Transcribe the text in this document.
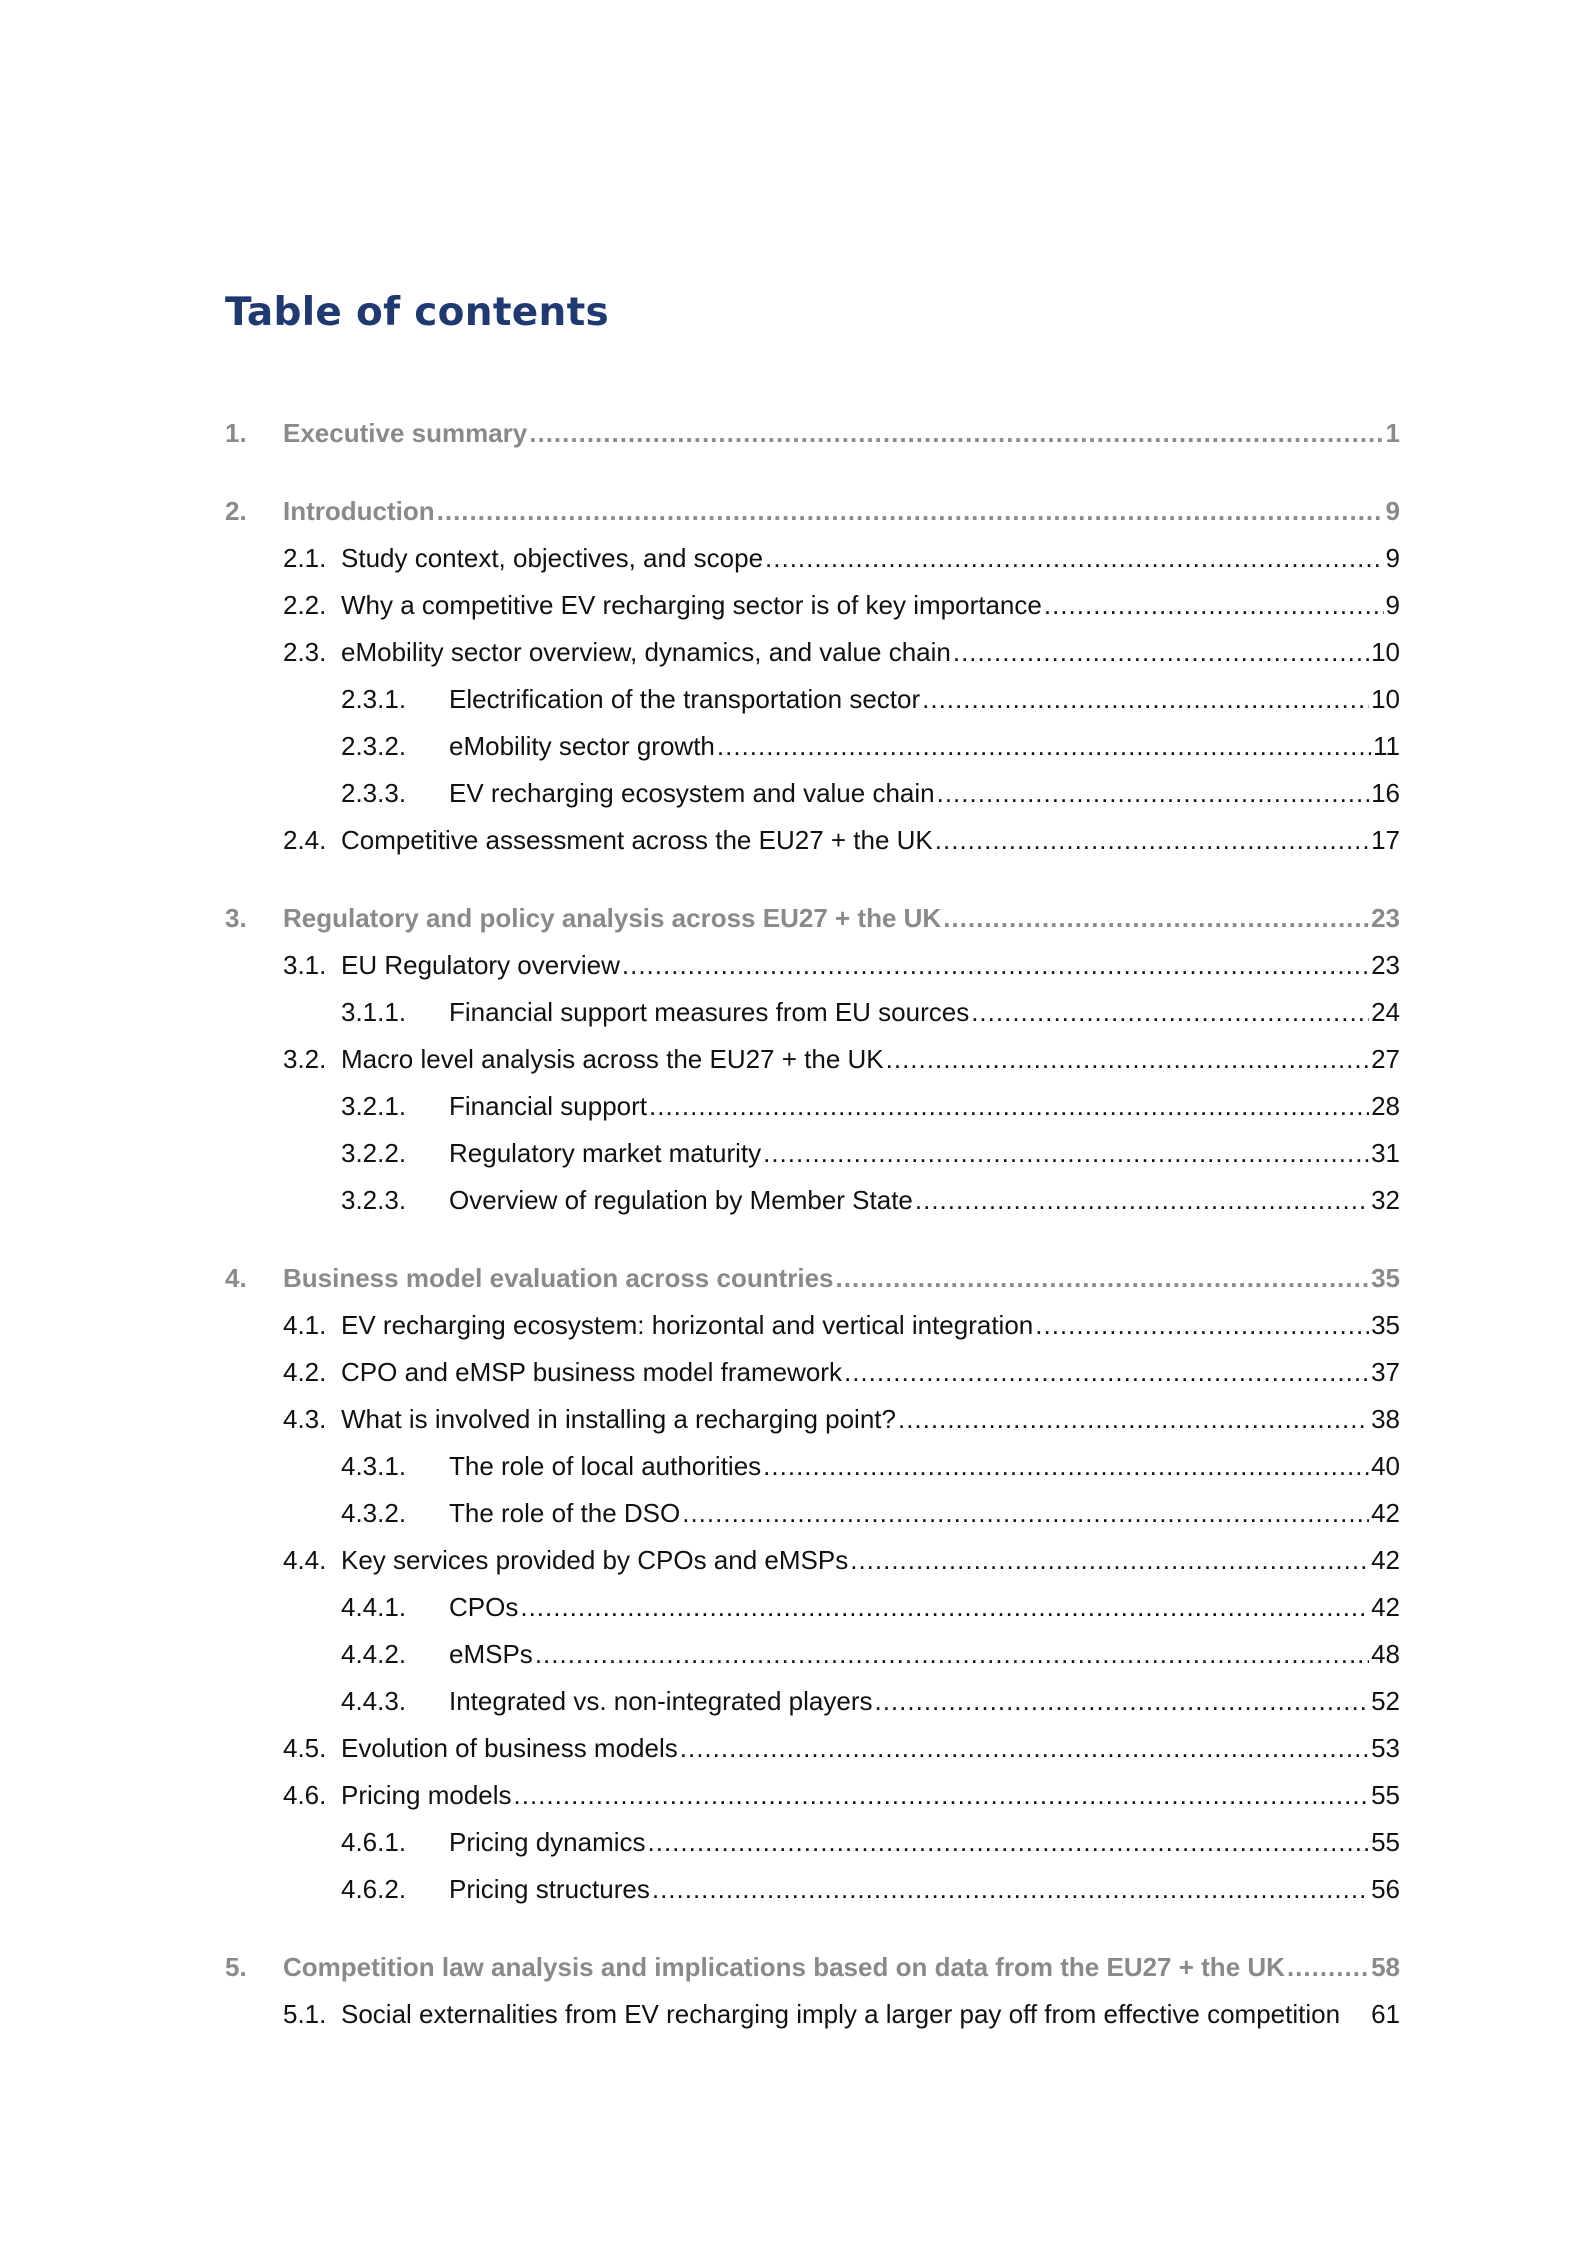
Table of contents
1.	Executive summary .....	1
2.	Introduction .....	9
2.1. Study context, objectives, and scope .....	9
2.2. Why a competitive EV recharging sector is of key importance .....	9
2.3. eMobility sector overview, dynamics, and value chain .....	10
2.3.1.	Electrification of the transportation sector .....	10
2.3.2.	eMobility sector growth .....	11
2.3.3.	EV recharging ecosystem and value chain .....	16
2.4. Competitive assessment across the EU27 + the UK .....	17
3.	Regulatory and policy analysis across EU27 + the UK .....	23
3.1. EU Regulatory overview .....	23
3.1.1.	Financial support measures from EU sources .....	24
3.2. Macro level analysis across the EU27 + the UK .....	27
3.2.1.	Financial support .....	28
3.2.2.	Regulatory market maturity .....	31
3.2.3.	Overview of regulation by Member State .....	32
4.	Business model evaluation across countries .....	35
4.1. EV recharging ecosystem: horizontal and vertical integration .....	35
4.2. CPO and eMSP business model framework .....	37
4.3. What is involved in installing a recharging point? .....	38
4.3.1.	The role of local authorities .....	40
4.3.2.	The role of the DSO .....	42
4.4. Key services provided by CPOs and eMSPs .....	42
4.4.1.	CPOs .....	42
4.4.2.	eMSPs .....	48
4.4.3.	Integrated vs. non-integrated players .....	52
4.5. Evolution of business models .....	53
4.6. Pricing models .....	55
4.6.1.	Pricing dynamics .....	55
4.6.2.	Pricing structures .....	56
5.	Competition law analysis and implications based on data from the EU27 + the UK .....	58
5.1. Social externalities from EV recharging imply a larger pay off from effective competition 61
